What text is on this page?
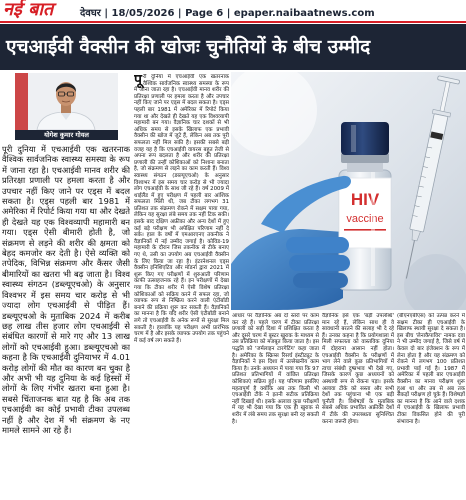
नई बात	देवघर | 18/05/2026 | Page 6 | epaper.naibaatnews.com
एचआईवी वैक्सीन की खोजः चुनौतियों के बीच उम्मीद
योगेश कुमार गोयल
पूरी दुनिया में एचआईवी एक खतरनाक वैश्विक सार्वजनिक स्वास्थ्य समस्या के रूप में जाना रहा है। एचआईवी मानव शरीर की प्रतिरक्षा प्रणाली पर हमला करता है और उपचार नहीं किए जाने पर एड्स में बदल सकता है। एड्स पहली बार 1981 में अमेरिका में रिपोर्ट किया गया था और देखते ही देखते यह एक विश्वव्यापी महामारी बन गया। एड्स ऐसी बीमारी होती है, जो संक्रमण से लड़ने की शरीर की क्षमता को बेहद कमजोर कर देती है। ऐसे व्यक्ति को तपेदिक, विभिन्न संक्रमण और कैंसर जैसी बीमारियों का खतरा भी बढ़ जाता है। विश्व स्वास्थ्य संगठन (डब्ल्यूएचओ) के अनुसार विश्वभर में इस समय चार करोड़ से भी ज्यादा लोग एचआईवी से पीड़ित हैं। डब्ल्यूएचओ के मुताबिक 2024 में करीब छह लाख तीस हजार लोग एचआईवी से संबंधित कारणों से मारे गए और 13 लाख लोगों को एचआईवी हुआ। डब्ल्यूएचओ का कहना है कि एचआईवी दुनियाभर में 4.01 करोड़ लोगों की मौत का कारण बन चुका है और अभी भी यह दुनिया के कई हिस्सों में लोगों के लिए गंभीर खतरा बना हुआ है। सबसे चिंताजनक बात यह है कि अब तक एचआईवी का कोई प्रभावी टीका उपलब्ध नहीं है और देश में भी संक्रमण के नए मामले सामने आ रहे हैं।
पू री दुनिया में एचआईवी एक खतरनाक वैश्विक सार्वजनिक स्वास्थ्य समस्या के रूप में जाना जाता रहा है। एचआईवी मानव शरीर की प्रतिरक्षा प्रणाली पर हमला करता है और उपचार नहीं किए जाने पर एड्स में बदल सकता है। एड्स पहली बार 1981 में अमेरिका में रिपोर्ट किया गया था और देखते ही देखते यह एक विश्वव्यापी महामारी बन गया। वैज्ञानिक चार दशकों से भी अधिक समय से इसके खिलाफ एक प्रभावी वैक्सीन की खोज में जुटे हैं, लेकिन अब तक पूरी सफलता नहीं मिल सकी है। इसकी सबसे बड़ी वजह यह है कि एचआईवी वायरस बहुत तेजी से अपना रूप बदलता है और शरीर की प्रतिरक्षा प्रणाली की उन्हीं कोशिकाओं को निशाना बनाता है, जो संक्रमण से लड़ने का काम करती हैं। विश्व स्वास्थ्य संगठन (डब्ल्यूएचओ) के अनुसार विश्वभर में इस समय चार करोड़ से भी ज्यादा लोग एचआईवी के साथ जी रहे हैं। वर्ष 2009 में थाईलैंड में हुए परीक्षण में पहली बार आंशिक सफलता मिली थी, जब टीका लगभग 31 प्रतिशत तक संक्रमण रोकने में सक्षम पाया गया, लेकिन यह सुरक्षा लंबे समय तक नहीं टिक सकी। इसके बाद दक्षिण अफ्रीका और अन्य देशों में हुए कई बड़े परीक्षण भी अपेक्षित परिणाम नहीं दे सके। हाल के वर्षों में एमआरएनए तकनीक ने वैज्ञानिकों में नई उम्मीद जगाई है। कोविड-19 महामारी के दौरान जिस तकनीक से टीके बनाए गए थे, उसी का उपयोग अब एचआईवी वैक्सीन के लिए किया जा रहा है। इंटरनेशनल एड्स वैक्सीन इनिशिएटिव और मॉडर्ना द्वारा 2021 में शुरू किए गए परीक्षणों में शुरुआती परिणाम काफी उत्साहजनक रहे हैं। इन परीक्षणों में देखा गया कि टीका शरीर में ऐसी विशेष प्रतिरक्षा कोशिकाओं को सक्रिय करने में सफल रहा, जो व्यापक रूप से निष्क्रिय करने वाली एंटीबॉडी बनाने की प्रक्रिया शुरू कर सकती हैं। वैज्ञानिकों का मानना है कि यदि शरीर ऐसी एंटीबॉडी बनाने लगे तो एचआईवी के अनेक रूपों से सुरक्षा मिल सकती है। हालांकि यह परीक्षण अभी प्रारंभिक चरण में है और इसके व्यापक उपयोग तक पहुंचने में कई वर्ष लग सकते हैं।
HIV
vaccine
आधार पर वैज्ञानिक अब दो स्तरों पर काम कर रहे हैं। पहले चरण में टीका प्रतिरक्षा प्रणाली को सही दिशा में प्रशिक्षित करता है और दूसरे चरण में बूस्टर खुराक के माध्यम से उस प्रतिक्रिया को मजबूत किया जाता है। इस पद्धति को 'जर्मलाइन टारगेटिंग' कहा जाता है। अमेरिका के स्क्रिप्स रिसर्च इंस्टीट्यूट के वैज्ञानिकों ने इस दिशा में उल्लेखनीय काम किया है। उनके अध्ययन में पाया गया कि 97 प्रतिशत प्रतिभागियों में वांछित प्रतिरक्षा कोशिकाएं सक्रिय हुईं। यह परिणाम इसलिए महत्वपूर्ण है क्योंकि अब तक किसी भी एचआईवी टीके ने इतनी सटीक प्रतिक्रिया नहीं दिखाई थी। इसके अलावा कुछ परीक्षणों में यह भी देखा गया कि एक ही खुराक से शरीर में लंबे समय तक सुरक्षा बनी रह सकती है।
वैज्ञानिक इसे एक 'बड़ी उपलब्धि' मान रहे हैं, लेकिन साथ ही वे सावधानी बरतने की सलाह भी दे रहे हैं। उनका कहना है कि प्रयोगशाला में मिली सफलता को वास्तविक दुनिया में दोहराना आसान नहीं होता। एचआईवी वैक्सीन के परीक्षणों में भाग लेने वाले कुछ प्रतिभागियों में त्वचा संबंधी दुष्प्रभाव भी देखे गए, जिसके कारण कुछ अध्ययनों को अस्थायी रूप से रोकना पड़ा। इसके अलावा टीके को सस्ता और सभी देशों तक पहुंचाना भी एक बड़ी चुनौती है। विशेषज्ञों के मुताबिक सबसे अधिक प्रभावित अफ्रीकी देशों में टीके की उपलब्धता सुनिश्चित करना जरूरी होगा।
(बीएनएबीएस) को उत्पन्न करने में सक्षम टीका ही एचआईवी के खिलाफ स्थायी सुरक्षा दे सकता है। इस बीच 'लेनाकैपाविर' नामक दवा ने भी उम्मीद जगाई है, जिसे वर्ष में केवल दो बार इंजेक्शन के रूप में लेना होता है और यह संक्रमण को रोकने में लगभग 100 प्रतिशत प्रभावी पाई गई है। 1987 में अमेरिका में पहली बार एचआईवी वैक्सीन का मानव परीक्षण शुरू हुआ था और तब से अब तक सैकड़ों परीक्षण हो चुके हैं। विशेषज्ञों का मानना है कि आने वाले दशक में एचआईवी के खिलाफ प्रभावी टीका विकसित होने की पूरी संभावना है।
